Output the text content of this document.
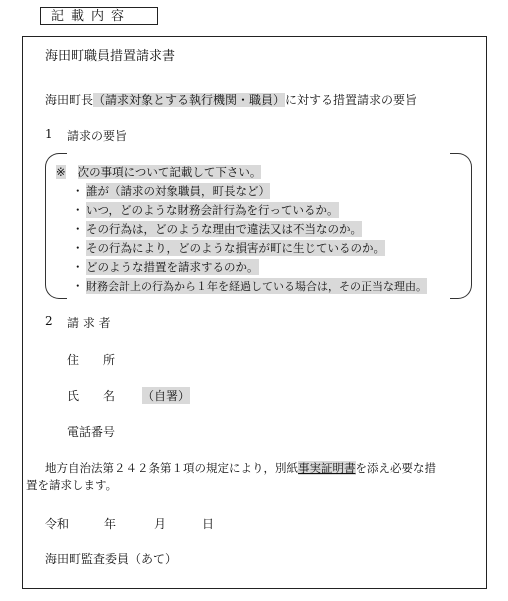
記載内容
海田町職員措置請求書
海田町長（請求対象とする執行機関・職員）に対する措置請求の要旨
1 請求の要旨
※ 次の事項について記載して下さい。
・ 誰が（請求の対象職員，町長など）
・ いつ，どのような財務会計行為を行っているか。
・ その行為は，どのような理由で違法又は不当なのか。
・ その行為により，どのような損害が町に生じているのか。
・ どのような措置を請求するのか。
・ 財務会計上の行為から１年を経過している場合は，その正当な理由。
2 請 求 者
住　　所
氏　　名 （自署）
電話番号
地方自治法第２４２条第１項の規定により，別紙事実証明書を添え必要な措
置を請求します。
令和	年	月	日
海田町監査委員（あて）
